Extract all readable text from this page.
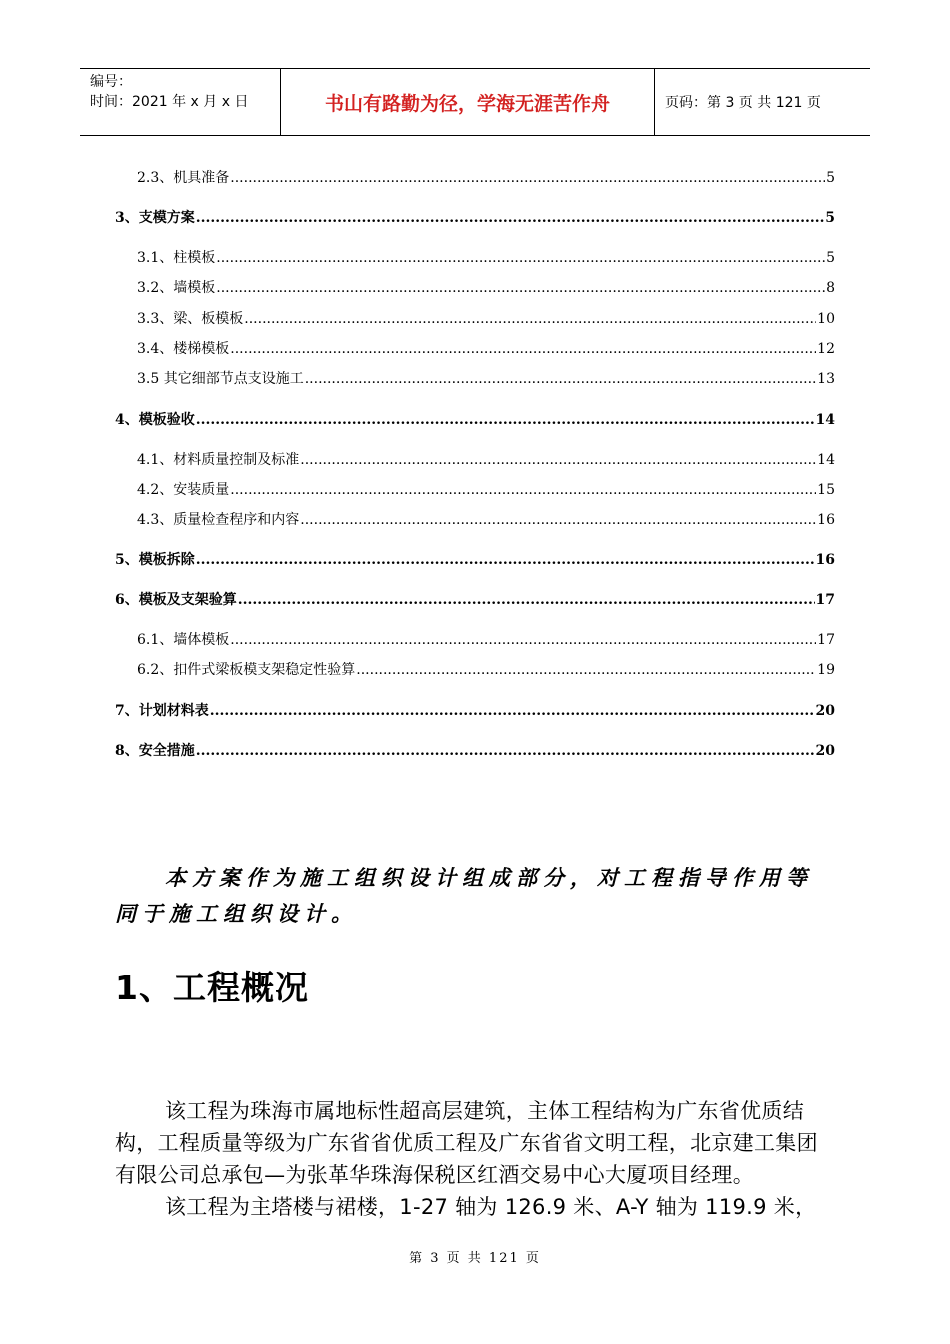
编号：
时间：2021 年 x 月 x 日	书山有路勤为径，学海无涯苦作舟	页码：第 3 页 共 121 页
2.3、机具准备 .....	5
3、支模方案 .....	5
3.1、柱模板 .....	5
3.2、墙模板 .....	8
3.3、梁、板模板 .....	10
3.4、楼梯模板 .....	12
3.5 其它细部节点支设施工 .....	13
4、模板验收 .....	14
4.1、材料质量控制及标准 .....	14
4.2、安装质量 .....	15
4.3、质量检查程序和内容 .....	16
5、模板拆除 .....	16
6、模板及支架验算 .....	17
6.1、墙体模板 .....	17
6.2、扣件式梁板模支架稳定性验算 .....	19
7、计划材料表 .....	20
8、安全措施 .....	20
本方案作为施工组织设计组成部分，对工程指导作用等同于施工组织设计。
1、工程概况

该工程为珠海市属地标性超高层建筑，主体工程结构为广东省优质结构，工程质量等级为广东省省优质工程及广东省省文明工程，北京建工集团有限公司总承包—为张革华珠海保税区红酒交易中心大厦项目经理。

该工程为主塔楼与裙楼，1-27 轴为 126.9 米、A-Y 轴为 119.9 米，

第 3 页 共 121 页
